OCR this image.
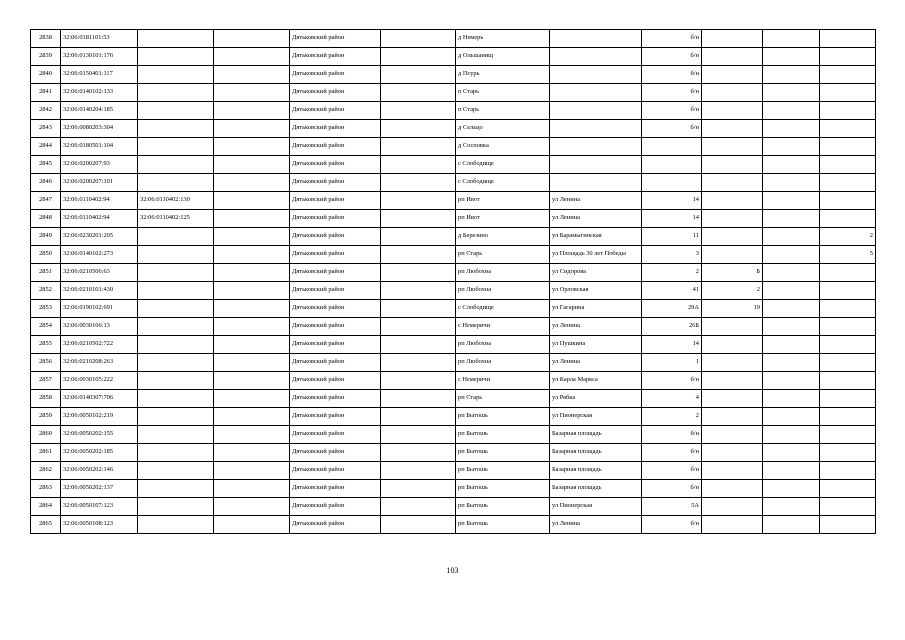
2838	32:06:0181101:53			Дятьковский район		д Немерь		б/н			
2839	32:06:0130101:176			Дятьковский район		д Ольшанищ		б/н			
2840	32:06:0150401:117			Дятьковский район		д Псурь		б/н			
2841	32:06:0140102:133			Дятьковский район		п Старь		б/н			
2842	32:06:0140204:185			Дятьковский район		п Старь		б/н			
2843	32:06:0080203:304			Дятьковский район		д Сельцо		б/н			
2844	32:06:0180501:104			Дятьковский район		д Сосновка					
2845	32:06:0200207:93			Дятьковский район		с Слободище					
2846	32:06:0200207:101			Дятьковский район		с Слободище					
2847	32:06:0110402:94	32:06:0110402:130		Дятьковский район		рп Ивот	ул Ленина	14			
2848	32:06:0110402:94	32:06:0110402:125		Дятьковский район		рп Ивот	ул Ленина	14			
2849	32:06:0230201:205			Дятьковский район		д Березино	ул Барамыгинская	11			2
2850	32:06:0140102:273			Дятьковский район		рп Старь	ул Площадь 30 лет Победы	3			5
2851	32:06:0210506:63			Дятьковский район		рп Любохна	ул Сидорова	2	Б		
2852	32:06:0210101:430			Дятьковский район		рп Любохна	ул Орловская	41	2		
2853	32:06:0190102:691			Дятьковский район		с Слободище	ул Гагарина	29А	19		
2854	32:06:0030106:13			Дятьковский район		с Немеричи	ул Ленина	26Б			
2855	32:06:0210502:722			Дятьковский район		рп Любохна	ул Пушкина	14			
2856	32:06:0210208:263			Дятьковский район		рп Любохна	ул Ленина	1			
2857	32:06:0030105:222			Дятьковский район		с Немеричи	ул Карла Маркса	б/н			
2858	32:06:0140307:706			Дятьковский район		рп Старь	ул Рябка	4			
2859	32:06:0050102:219			Дятьковский район		рп Бытошь	ул Пионерская	2			
2860	32:06:0050202:155			Дятьковский район		рп Бытошь	Базарная площадь	б/н			
2861	32:06:0050202:185			Дятьковский район		рп Бытошь	Базарная площадь	б/н			
2862	32:06:0050202:146			Дятьковский район		рп Бытошь	Базарная площадь	б/н			
2863	32:06:0050202:137			Дятьковский район		рп Бытошь	Базарная площадь	б/н			
2864	32:06:0050107:123			Дятьковский район		рп Бытошь	ул Пионерская	5А			
2865	32:06:0050108:123			Дятьковский район		рп Бытошь	ул Ленина	б/н			
103
